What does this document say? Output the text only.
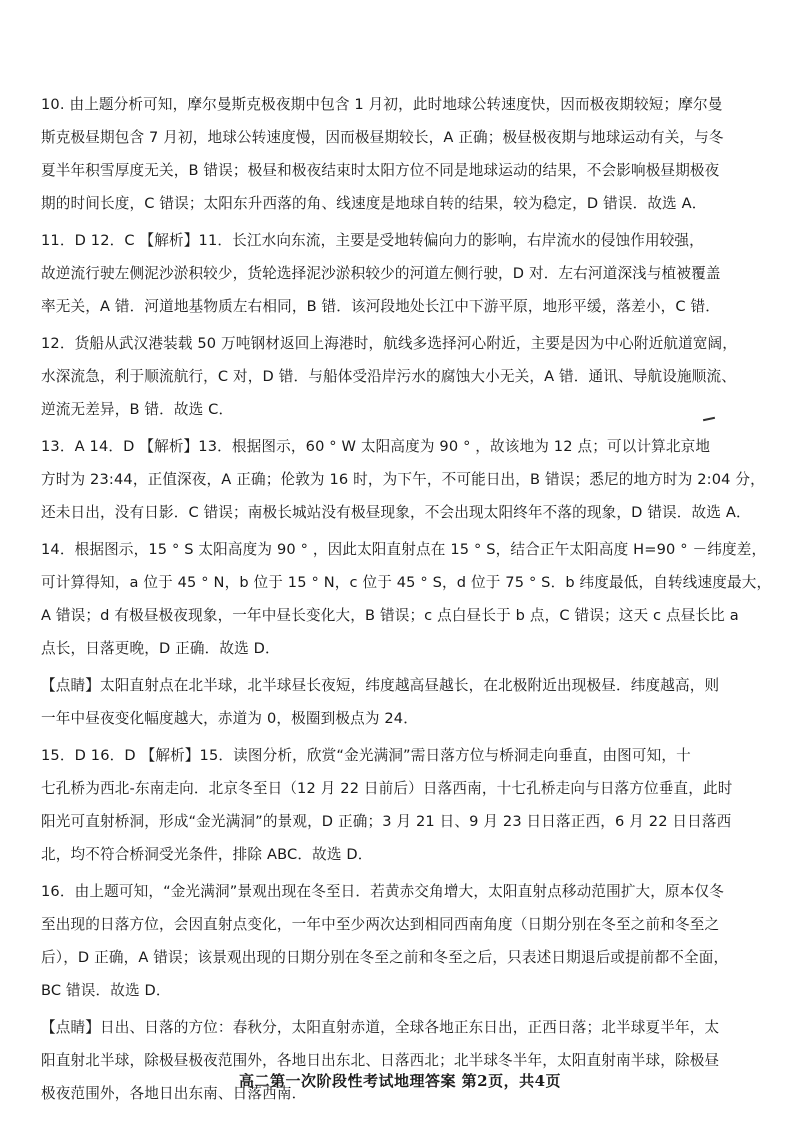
10. 由上题分析可知，摩尔曼斯克极夜期中包含 1 月初，此时地球公转速度快，因而极夜期较短；摩尔曼
斯克极昼期包含 7 月初，地球公转速度慢，因而极昼期较长，A 正确；极昼极夜期与地球运动有关，与冬
夏半年积雪厚度无关，B 错误；极昼和极夜结束时太阳方位不同是地球运动的结果，不会影响极昼期极夜
期的时间长度，C 错误；太阳东升西落的角、线速度是地球自转的结果，较为稳定，D 错误．故选 A．
11．D 12．C 【解析】11．长江水向东流，主要是受地转偏向力的影响，右岸流水的侵蚀作用较强，
故逆流行驶左侧泥沙淤积较少，货轮选择泥沙淤积较少的河道左侧行驶，D 对．左右河道深浅与植被覆盖
率无关，A 错．河道地基物质左右相同，B 错．该河段地处长江中下游平原，地形平缓，落差小，C 错．
12．货船从武汉港装载 50 万吨钢材返回上海港时，航线多选择河心附近，主要是因为中心附近航道宽阔，
水深流急，利于顺流航行，C 对，D 错．与船体受沿岸污水的腐蚀大小无关，A 错．通讯、导航设施顺流、
逆流无差异，B 错．故选 C．
13．A 14．D 【解析】13．根据图示，60 ° W 太阳高度为 90 ° ，故该地为 12 点；可以计算北京地
方时为 23:44，正值深夜，A 正确；伦敦为 16 时，为下午，不可能日出，B 错误；悉尼的地方时为 2:04 分，
还未日出，没有日影．C 错误；南极长城站没有极昼现象，不会出现太阳终年不落的现象，D 错误．故选 A．
14．根据图示，15 ° S 太阳高度为 90 ° ，因此太阳直射点在 15 ° S，结合正午太阳高度 H=90 ° －纬度差，
可计算得知，a 位于 45 ° N，b 位于 15 ° N，c 位于 45 ° S，d 位于 75 ° S．b 纬度最低，自转线速度最大，
A 错误；d 有极昼极夜现象，一年中昼长变化大，B 错误；c 点白昼长于 b 点，C 错误；这天 c 点昼长比 a
点长，日落更晚，D 正确．故选 D．
【点睛】太阳直射点在北半球，北半球昼长夜短，纬度越高昼越长，在北极附近出现极昼．纬度越高，则
一年中昼夜变化幅度越大，赤道为 0，极圈到极点为 24．
15．D 16．D 【解析】15．读图分析，欣赏“金光满洞”需日落方位与桥洞走向垂直，由图可知，十
七孔桥为西北-东南走向．北京冬至日（12 月 22 日前后）日落西南，十七孔桥走向与日落方位垂直，此时
阳光可直射桥洞，形成“金光满洞”的景观，D 正确；3 月 21 日、9 月 23 日日落正西，6 月 22 日日落西
北，均不符合桥洞受光条件，排除 ABC．故选 D．
16．由上题可知，“金光满洞”景观出现在冬至日．若黄赤交角增大，太阳直射点移动范围扩大，原本仅冬
至出现的日落方位，会因直射点变化，一年中至少两次达到相同西南角度（日期分别在冬至之前和冬至之
后），D 正确，A 错误；该景观出现的日期分别在冬至之前和冬至之后，只表述日期退后或提前都不全面，
BC 错误．故选 D．
【点睛】日出、日落的方位：春秋分，太阳直射赤道，全球各地正东日出，正西日落；北半球夏半年，太
阳直射北半球，除极昼极夜范围外，各地日出东北、日落西北；北半球冬半年，太阳直射南半球，除极昼
极夜范围外，各地日出东南、日落西南．
高二第一次阶段性考试地理答案 第2页，共4页
